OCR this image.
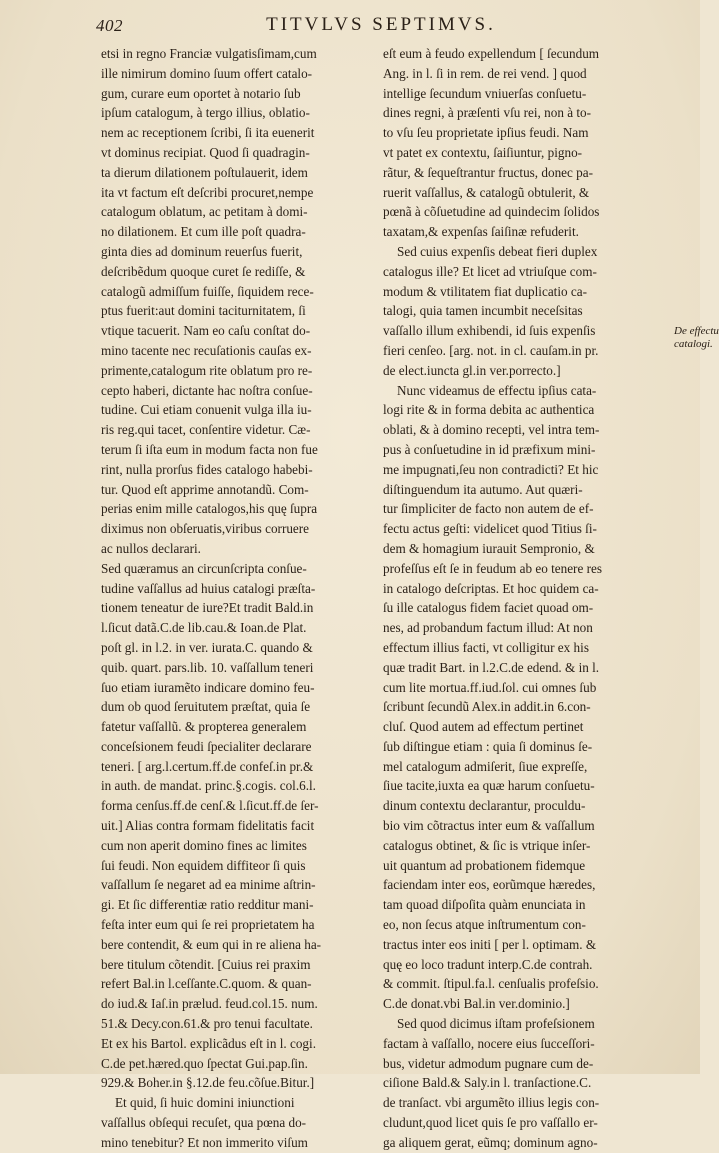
402	TITVLVS SEPTIMVS.
etsi in regno Franciæ vulgatisſimam,cum
ille nimirum domino ſuum offert catalo-
gum, curare eum oportet à notario ſub
ipſum catalogum, à tergo illius, oblatio-
nem ac receptionem ſcribi, ſi ita euenerit
vt dominus recipiat. Quod ſi quadragin-
ta dierum dilationem poſtulauerit, idem
ita vt factum eſt deſcribi procuret,nempe
catalogum oblatum, ac petitam à domi-
no dilationem. Et cum ille poſt quadra-
ginta dies ad dominum reuerſus fuerit,
deſcribẽdum quoque curet ſe rediſſe, &
catalogũ admiſſum fuiſſe, ſiquidem rece-
ptus fuerit:aut domini taciturnitatem, ſi
vtique tacuerit. Nam eo caſu conſtat do-
mino tacente nec recuſationis cauſas ex-
primente,catalogum rite oblatum pro re-
cepto haberi, dictante hac noſtra conſue-
tudine. Cui etiam conuenit vulga illa iu-
ris reg.qui tacet, conſentire videtur. Cæ-
terum ſi iſta eum in modum facta non fue
rint, nulla prorſus fides catalogo habebi-
tur. Quod eſt apprime annotandũ. Com-
perias enim mille catalogos,his quę ſupra
diximus non obſeruatis,viribus corruere
ac nullos declarari.
Sed quæramus an circunſcripta conſue-
tudine vaſſallus ad huius catalogi præſta-
tionem teneatur de iure?Et tradit Bald.in
l.ſicut datã.C.de lib.cau.& Ioan.de Plat.
poſt gl. in l.2. in ver. iurata.C. quando &
quib. quart. pars.lib. 10. vaſſallum teneri
ſuo etiam iuramẽto indicare domino feu-
dum ob quod ſeruitutem præſtat, quia ſe
fatetur vaſſallũ. & propterea generalem
conceſsionem feudi ſpecialiter declarare
teneri. [ arg.l.certum.ff.de confeſ.in pr.&
in auth. de mandat. princ.§.cogis. col.6.l.
forma cenſus.ff.de cenſ.& l.ſicut.ff.de ſer-
uit.] Alias contra formam fidelitatis facit
cum non aperit domino fines ac limites
ſui feudi. Non equidem diffiteor ſi quis
vaſſallum ſe negaret ad ea minime aſtrin-
gi. Et ſic differentiæ ratio redditur mani-
feſta inter eum qui ſe rei proprietatem ha
bere contendit, & eum qui in re aliena ha-
bere titulum cõtendit. [Cuius rei praxim
refert Bal.in l.ceſſante.C.quom. & quan-
do iud.& Iaſ.in prælud. feud.col.15. num.
51.& Decy.con.61.& pro tenui facultate.
Et ex his Bartol. explicãdus eſt in l. cogi.
C.de pet.hæred.quo ſpectat Gui.pap.ſin.
929.& Boher.in §.12.de feu.cõſue.Bitur.]
Et quid, ſi huic domini iniunctioni
vaſſallus obſequi recuſet, qua pœna do-
mino tenebitur? Et non immerito viſum
eſt eum à feudo expellendum [ ſecundum
Ang. in l. ſi in rem. de rei vend. ] quod
intellige ſecundum vniuerſas conſuetu-
dines regni, à præſenti vſu rei, non à to-
to vſu ſeu proprietate ipſius feudi. Nam
vt patet ex contextu, ſaiſiuntur, pigno-
rãtur, & ſequeſtrantur fructus, donec pa-
ruerit vaſſallus, & catalogũ obtulerit, &
pœnã à cõſuetudine ad quindecim ſolidos
taxatam,& expenſas ſaiſinæ refuderit.
Sed cuius expenſis debeat fieri duplex
catalogus ille? Et licet ad vtriuſque com-
modum & vtilitatem fiat duplicatio ca-
talogi, quia tamen incumbit neceſsitas
vaſſallo illum exhibendi, id ſuis expenſis
fieri cenſeo. [arg. not. in cl. cauſam.in pr.
de elect.iuncta gl.in ver.porrecto.]
Nunc videamus de effectu ipſius cata-
logi rite & in forma debita ac authentica
oblati, & à domino recepti, vel intra tem-
pus à conſuetudine in id præfixum mini-
me impugnati,ſeu non contradicti? Et hic
diſtinguendum ita autumo. Aut quæri-
tur ſimpliciter de facto non autem de ef-
fectu actus geſti: videlicet quod Titius ſi-
dem & homagium iurauit Sempronio, &
profeſſus eſt ſe in feudum ab eo tenere res
in catalogo deſcriptas. Et hoc quidem ca-
ſu ille catalogus fidem faciet quoad om-
nes, ad probandum factum illud: At non
effectum illius facti, vt colligitur ex his
quæ tradit Bart. in l.2.C.de edend. & in l.
cum lite mortua.ff.iud.ſol. cui omnes ſub
ſcribunt ſecundũ Alex.in addit.in 6.con-
cluſ. Quod autem ad effectum pertinet
ſub diſtingue etiam : quia ſi dominus ſe-
mel catalogum admiſerit, ſiue expreſſe,
ſiue tacite,iuxta ea quæ harum conſuetu-
dinum contextu declarantur, proculdu-
bio vim cõtractus inter eum & vaſſallum
catalogus obtinet, & ſic is vtrique inſer-
uit quantum ad probationem fidemque
faciendam inter eos, eorũmque hæredes,
tam quoad diſpoſita quàm enunciata in
eo, non ſecus atque inſtrumentum con-
tractus inter eos initi [ per l. optimam. &
quę eo loco tradunt interp.C.de contrah.
& commit. ſtipul.fa.l. cenſualis profeſsio.
C.de donat.vbi Bal.in ver.dominio.]
Sed quod dicimus iſtam profeſsionem
factam à vaſſallo, nocere eius ſucceſſori-
bus, videtur admodum pugnare cum de-
ciſione Bald.& Saly.in l. tranſactione.C.
de tranſact. vbi argumẽto illius legis con-
cludunt,quod licet quis ſe pro vaſſallo er-
ga aliquem gerat, eũmq; dominum agno-
De effectu
catalogi.
